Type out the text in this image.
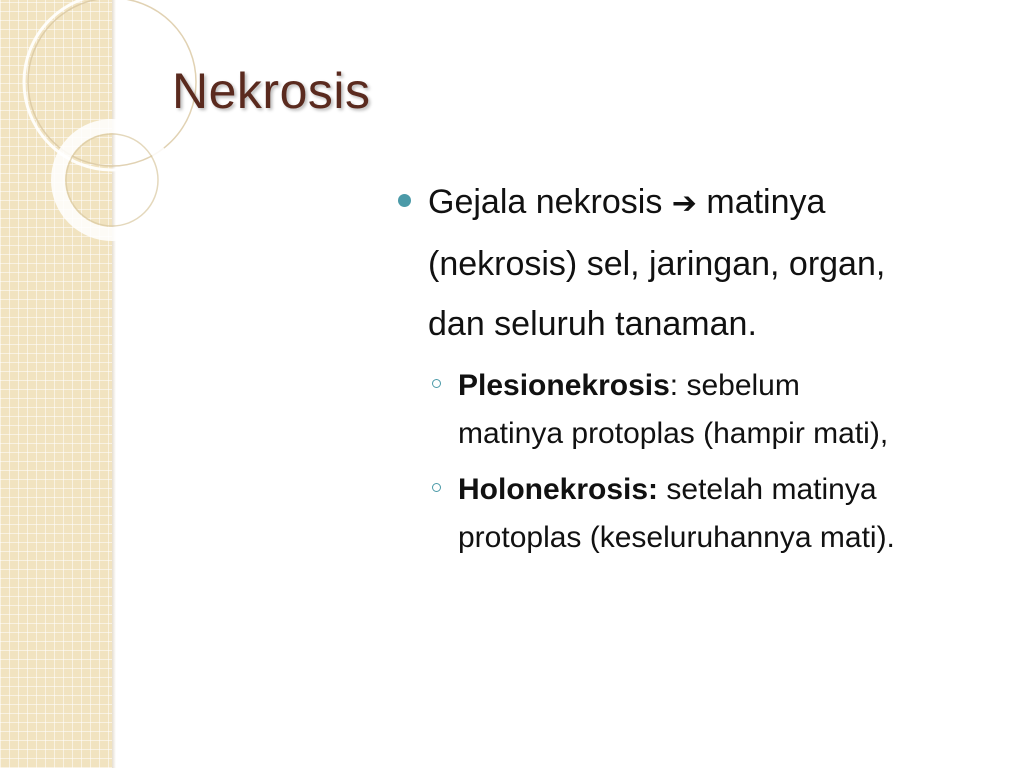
Nekrosis
Gejala nekrosis ➔ matinya
(nekrosis) sel, jaringan, organ,
dan seluruh tanaman.
Plesionekrosis: sebelum
matinya protoplas (hampir mati),
Holonekrosis: setelah matinya
protoplas (keseluruhannya mati).
